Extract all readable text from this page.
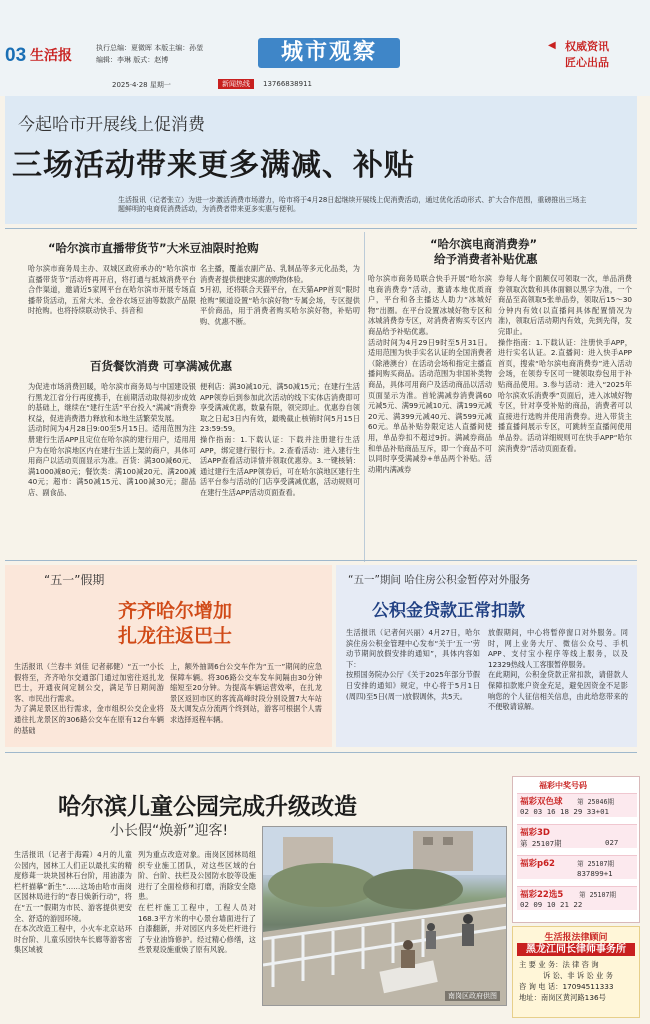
03 生活报	执行总编：夏微晖 本版主编：孙堃
编辑：李琳 版式：赵博	城市观察	◀ 权威资讯
匠心出品
2025·4·28 星期一	新闻热线	13766838911
今起哈市开展线上促消费
三场活动带来更多满减、补贴
生活报讯（记者张立）为进一步激活消费市场潜力，哈市将于4月28日起继续开展线上促消费活动，通过优化活动形式、扩大合作范围，重磅推出三场主题鲜明的电商促消费活动，为消费者带来更多实惠与便利。
“哈尔滨市直播带货节”大米豆油限时抢购
哈尔滨市商务局主办、双城区政府承办的“哈尔滨市直播带货节”活动将再开启，将打通与抵城消费平台合作渠道，邀请近5家网平台在哈尔滨市开展专场直播带货活动，五常大米、金谷农场豆油等数款产品限时抢购。也将持续联动快手、抖音和
名主播，覆盖农副产品、乳制品等多元化品类，为消费者提供便捷实惠的购物体验。
5月初，还将联合天猫平台，在天猫APP首页“限时抢购”频道设置“哈尔滨好物”专属会场，专区提供平价商品，用于消费者购买哈尔滨好物，补贴叨购、优惠不断。
百货餐饮消费 可享满减优惠
为促进市场消费回暖，哈尔滨市商务局与中国建设银行黑龙江省分行再度携手，在前期活动取得初步成效的基础上，继续在“建行生活”平台投入“满减”消费券权益，促进消费潜力释放和本地生活繁荣发展。
活动时间为4月28日9:00至5月15日。适用范围为注册建行生活APP且定位在哈尔滨的建行用户，适用用户为在哈尔滨地区内在建行生活上架的商户，具体可用商户以活动页面显示为准。百货：满300减60元、满1000减80元；餐饮类：满100减20元、满200减40元；超市：满50减15元、满100减30元；甜品店、副食品、
便利店：满30减10元、满50减15元；在建行生活APP领券后到参加此次活动的线下实体店消费即可享受满减优惠，数量有限，领完即止。优惠券自领取之日起3日内有效，最晚截止核销时间5月15日23:59:59。
操作指南：1.下载认证：下载并注册建行生活APP，绑定建行银行卡。2.查看活动：进入建行生活APP查看活动详情并领取优惠券。3.一键核销：通过建行生活APP领券后，可在哈尔滨地区建行生活平台参与活动的门店享受满减优惠，活动规则可在建行生活APP活动页面查看。
“哈尔滨电商消费券”
给予消费者补贴优惠
哈尔滨市商务局联合快手开展“哈尔滨电商消费券”活动，邀请本地优质商户，平台和各主播达人助力“冰城好物”出圈。在平台设置冰城好物专区和冰城消费券专区，对消费者购买专区内商品给予补贴优惠。
活动时间为4月29日9时至5月31日。适用范围为快手实名认证的全国消费者（除港澳台）在活动会场和指定主播直播间购买商品。活动范围为非国补类物商品，具体可用商户及活动商品以活动页面显示为准。首轮满减券消费满60元减5元、满99元减10元、满199元减20元、满399元减40元、满599元减60元。单品补贴券限定达人直播间使用，单品券扣不超过9折。满减券商品和单品补贴商品互斥，即一个商品不可以同时享受满减券+单品两个补贴。活动期内满减券
券每人每个面额仅可领取一次，单品消费券领取次数和具体面额以黑字为准，一个商品至高领取5张单品券，领取后15～30分钟内有效(以直播间具体配置情况为准)，领取后活动期内有效，先到先得，发完即止。
操作指南：1.下载认证：注册快手APP，进行实名认证。2.直播间：进入快手APP首页，搜索“哈尔滨电商消费券”进入活动会场，在领券专区可一键领取券包用于补贴商品使用。3.参与活动：进入“2025年哈尔滨欢乐消费季”页面后，进入冰城好物专区，针对享受补贴的商品，消费者可以直接进行选购并使用消费券。进入带货主播直播间展示专区，可跳转至直播间使用单品券。活动详细规则可在快手APP“哈尔滨消费券”活动页面查看。
“五一”假期
齐齐哈尔增加
扎龙往返巴士
生活报讯（兰春丰 刘佳 记者郝健）“五一”小长假将至，齐齐哈尔交通部门通过加密往返扎龙巴士，开通夜间定制公交，满足节日期间游客、市民出行需求。
为了满足景区出行需求，金市组织公交企业将通往扎龙景区的306路公交车在原有12台车辆的基础
上，额外抽调6台公交车作为“五一”期间的应急保障车辆。将306路公交车发车间隔由30分钟缩短至20分钟。为提高车辆运营效率，在扎龙景区返回市区的客流高峰时段分别设置7大车站及大调发点分流两个终到站，游客可根据个人需求选择返程车辆。
“五一”期间 哈住房公积金暂停对外服务
公积金贷款正常扣款
生活报讯（记者何兴丽）4月27日，哈尔滨住房公积金管理中心发布“关于‘五一’劳动节期间放假安排的通知”，具体内容如下：
按照国务院办公厅《关于2025年部分节假日安排的通知》规定，中心将于5月1日(周四)至5日(周一)放假调休，共5天。
放假期间，中心将暂停窗口对外服务。同时，网上业务大厅、微信公众号、手机APP、支付宝小程序等线上服务，以及12329热线人工客服暂停服务。
在此期间，公积金贷款正常扣款，请借款人保障扣款账户资金充足，避免因资金不足影响您的个人征信相关信息，由此给您带来的不便敬请谅解。
哈尔滨儿童公园完成升级改造
小长假“焕新”迎客!
生活报讯（记者于海霞）4月的儿童公园内，园林工人们正以最扎实的精度修葺一块块园林石台阶，用油漆为栏杆描摹“新生”……这场由哈市南岗区园林局进行的“春日焕新行动”，将在“五一”假期为市民、游客提供更安全、舒适的游园环境。
在本次改造工程中，小火车北京站环时台阶、儿童乐园快车长廊等游客密集区域被
列为重点改造对象。南岗区园林局组织专业施工团队，对这些区域的台阶、台阶、扶栏及公园防水胶等设施进行了全面检修和打磨，消除安全隐患。
在栏杆施工工程中，工程人员对168.3平方米的中心景台墙面进行了白漆翻新，并对园区内多处栏杆进行了专业油饰修护。经过精心修缮，这些景观设施重焕了原有风貌。
南岗区政府供图
福彩中奖号码
福彩双色球 第 25046期
02 03 16 18 29 33+01
福彩3D
第 25107期	027
福彩p62	第 25107期
837899+1
福彩22选5 第 25107期
02 09 10 21 22
生活报法律顾问
黑龙江同长律师事务所
主 要 业 务：法 律 咨 询
诉 讼、非 诉 讼 业 务
咨 询 电 话：17094511333
地址：南岗区黄河路136号
